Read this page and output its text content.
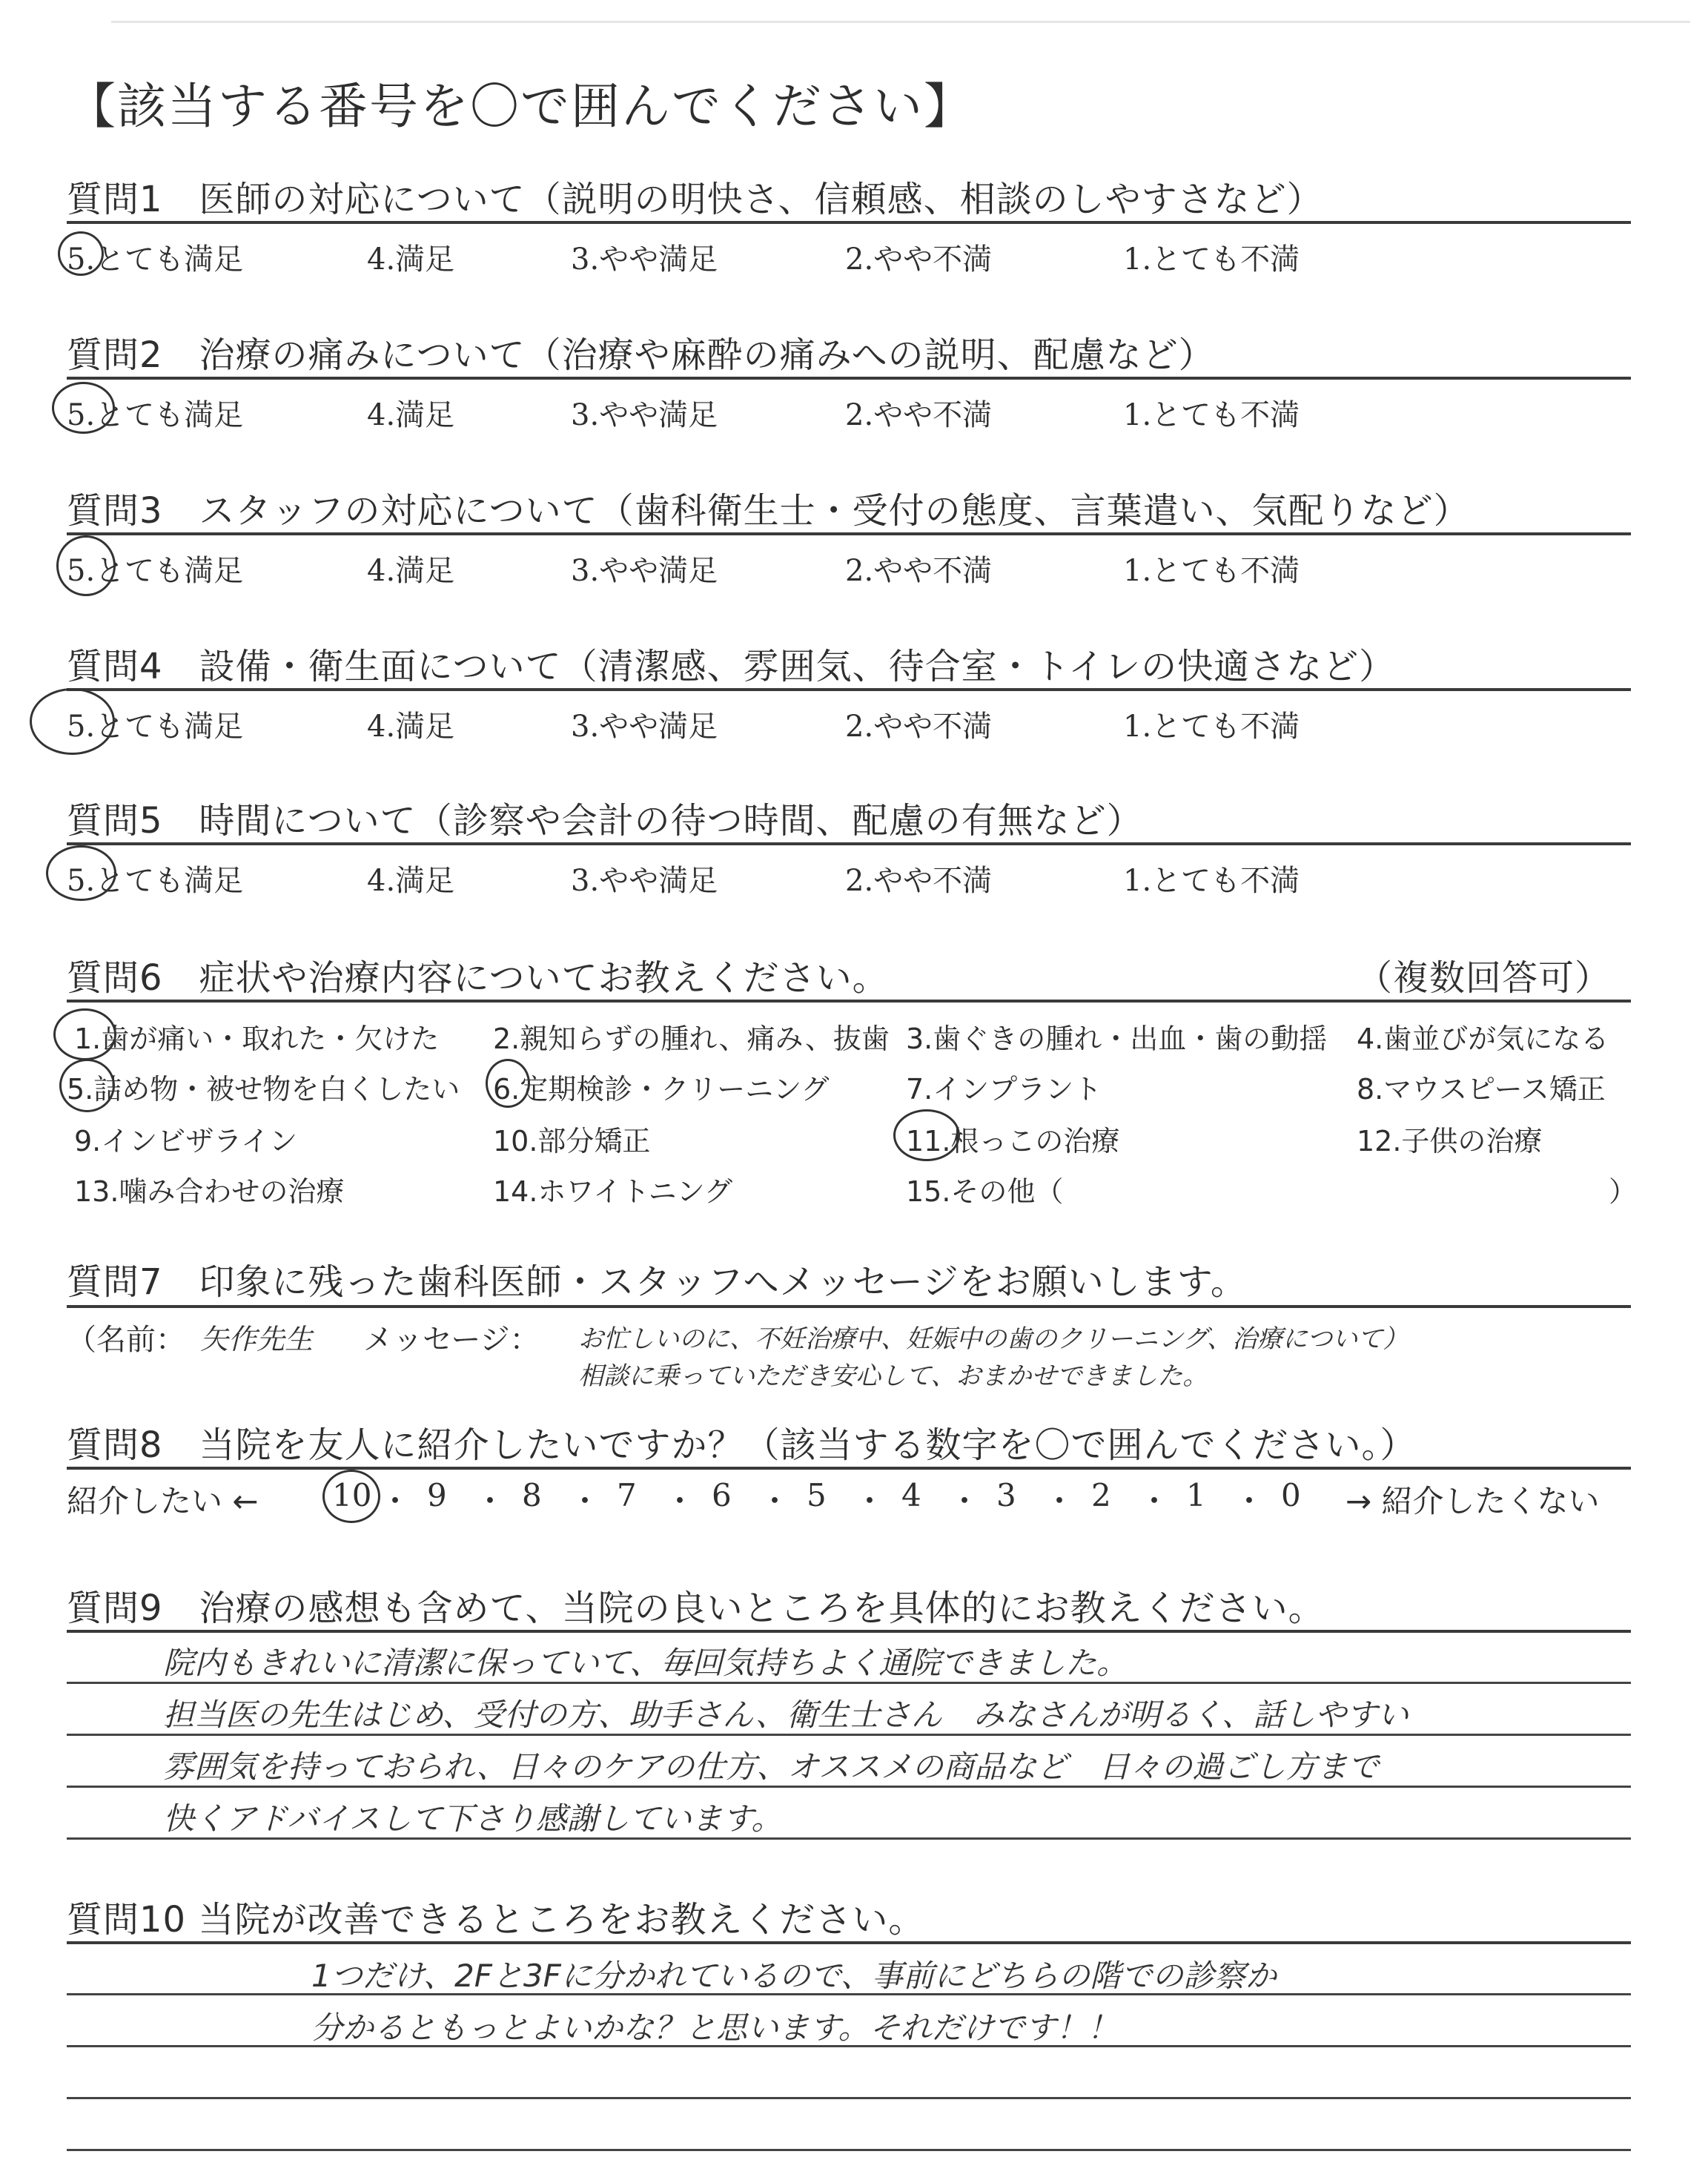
【該当する番号を〇で囲んでください】
質問1　医師の対応について（説明の明快さ、信頼感、相談のしやすさなど）
5.とても満足	4.満足	3.やや満足	2.やや不満	1.とても不満
質問2　治療の痛みについて（治療や麻酔の痛みへの説明、配慮など）
5.とても満足	4.満足	3.やや満足	2.やや不満	1.とても不満
質問3　スタッフの対応について（歯科衛生士・受付の態度、言葉遣い、気配りなど）
5.とても満足	4.満足	3.やや満足	2.やや不満	1.とても不満
質問4　設備・衛生面について（清潔感、雰囲気、待合室・トイレの快適さなど）
5.とても満足	4.満足	3.やや満足	2.やや不満	1.とても不満
質問5　時間について（診察や会計の待つ時間、配慮の有無など）
5.とても満足	4.満足	3.やや満足	2.やや不満	1.とても不満
質問6　症状や治療内容についてお教えください。	（複数回答可）
1.歯が痛い・取れた・欠けた 2.親知らずの腫れ、痛み、抜歯 3.歯ぐきの腫れ・出血・歯の動揺 4.歯並びが気になる
5.詰め物・被せ物を白くしたい 6.定期検診・クリーニング	7.インプラント	8.マウスピース矯正
9.インビザライン	10.部分矯正	11.根っこの治療	12.子供の治療
13.噛み合わせの治療	14.ホワイトニング	15.その他（	）
質問7　印象に残った歯科医師・スタッフへメッセージをお願いします。
（名前： 矢作先生 メッセージ： お忙しいのに、不妊治療中、妊娠中の歯のクリーニング、治療について）
相談に乗っていただき安心して、おまかせできました。
質問8　当院を友人に紹介したいですか？（該当する数字を〇で囲んでください。）
紹介したい ←	→ 紹介したくない
10 ・ 9 ・ 8 ・ 7 ・ 6 ・ 5 ・ 4 ・ 3 ・ 2 ・ 1 ・ 0
質問9　治療の感想も含めて、当院の良いところを具体的にお教えください。
院内もきれいに清潔に保っていて、毎回気持ちよく通院できました。
担当医の先生はじめ、受付の方、助手さん、衛生士さん　みなさんが明るく、話しやすい
雰囲気を持っておられ、日々のケアの仕方、オススメの商品など　日々の過ごし方まで
快くアドバイスして下さり感謝しています。
質問10 当院が改善できるところをお教えください。
1つだけ、2Fと3Fに分かれているので、事前にどちらの階での診察か
分かるともっとよいかな？と思います。それだけです！！
